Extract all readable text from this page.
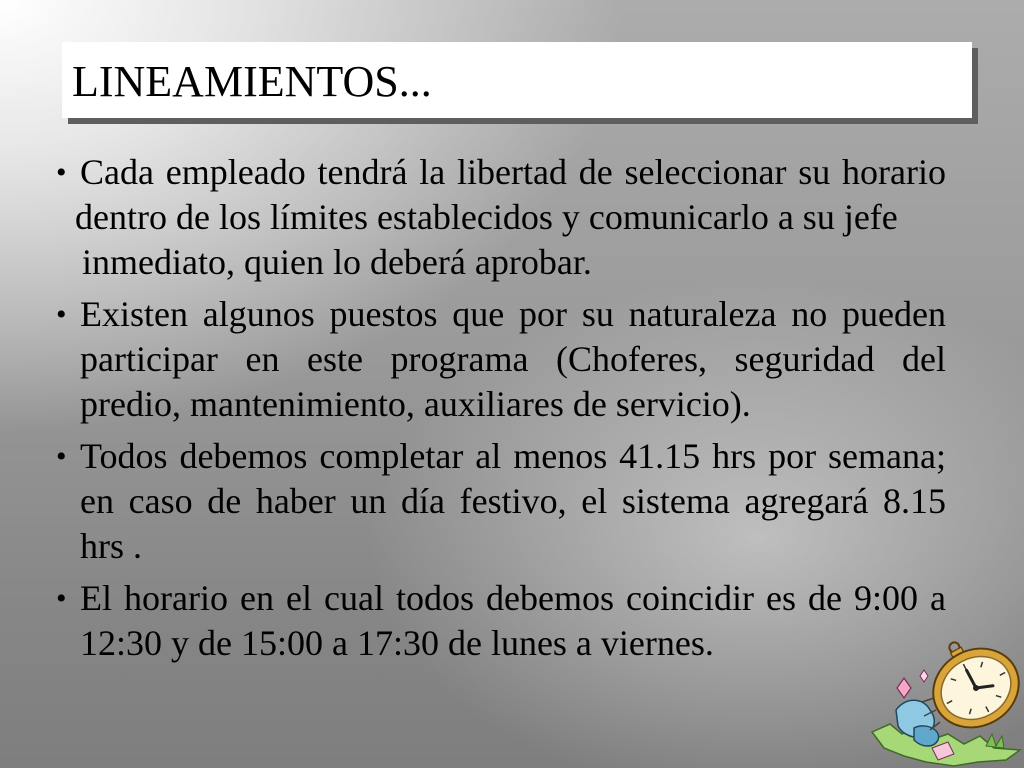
LINEAMIENTOS...
• Cada empleado tendrá la libertad de seleccionar su horario
dentro de los límites establecidos y comunicarlo a su jefe
inmediato, quien lo deberá aprobar.
• Existen algunos puestos que por su naturaleza no pueden
participar en este programa (Choferes, seguridad del
predio, mantenimiento, auxiliares de servicio).
• Todos debemos completar al menos 41.15 hrs por semana;
en caso de haber un día festivo, el sistema agregará 8.15
hrs .
• El horario en el cual todos debemos coincidir es de 9:00 a
12:30 y de 15:00 a 17:30 de lunes a viernes.
